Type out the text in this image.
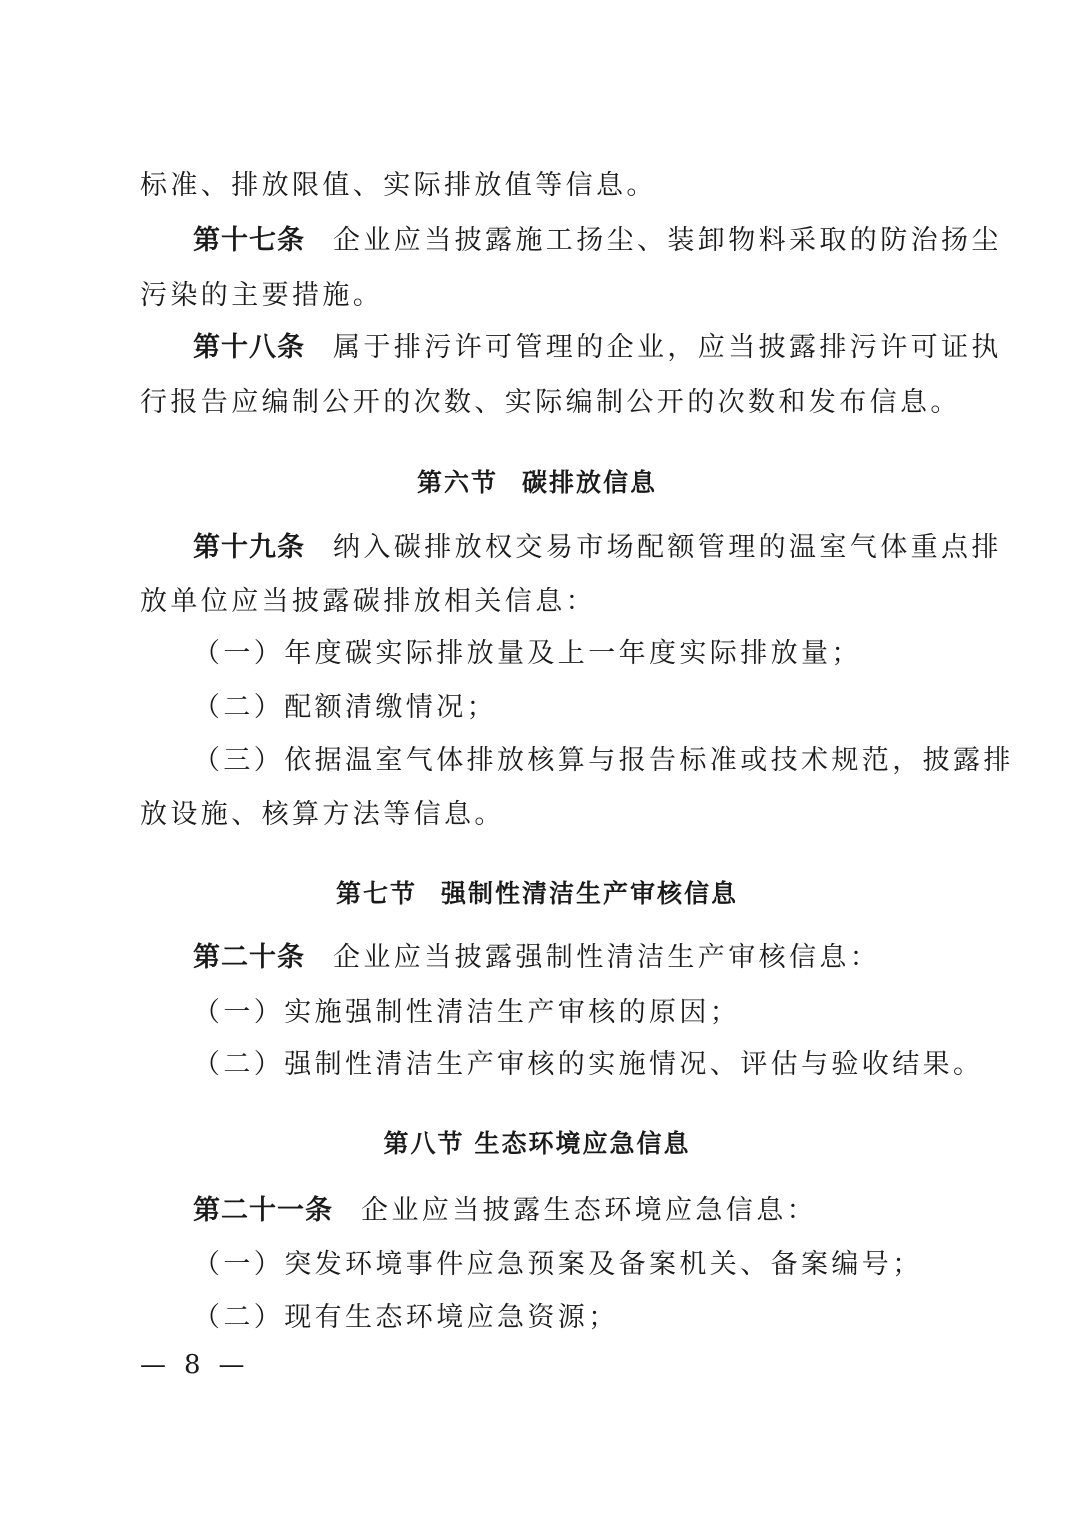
标准、排放限值、实际排放值等信息。
第十七条 企业应当披露施工扬尘、装卸物料采取的防治扬尘
污染的主要措施。
第十八条 属于排污许可管理的企业，应当披露排污许可证执
行报告应编制公开的次数、实际编制公开的次数和发布信息。
第六节 碳排放信息
第十九条 纳入碳排放权交易市场配额管理的温室气体重点排
放单位应当披露碳排放相关信息：
（一）年度碳实际排放量及上一年度实际排放量；
（二）配额清缴情况；
（三）依据温室气体排放核算与报告标准或技术规范，披露排
放设施、核算方法等信息。
第七节 强制性清洁生产审核信息
第二十条 企业应当披露强制性清洁生产审核信息：
（一）实施强制性清洁生产审核的原因；
（二）强制性清洁生产审核的实施情况、评估与验收结果。
第八节 生态环境应急信息
第二十一条 企业应当披露生态环境应急信息：
（一）突发环境事件应急预案及备案机关、备案编号；
（二）现有生态环境应急资源；
— 8 —
